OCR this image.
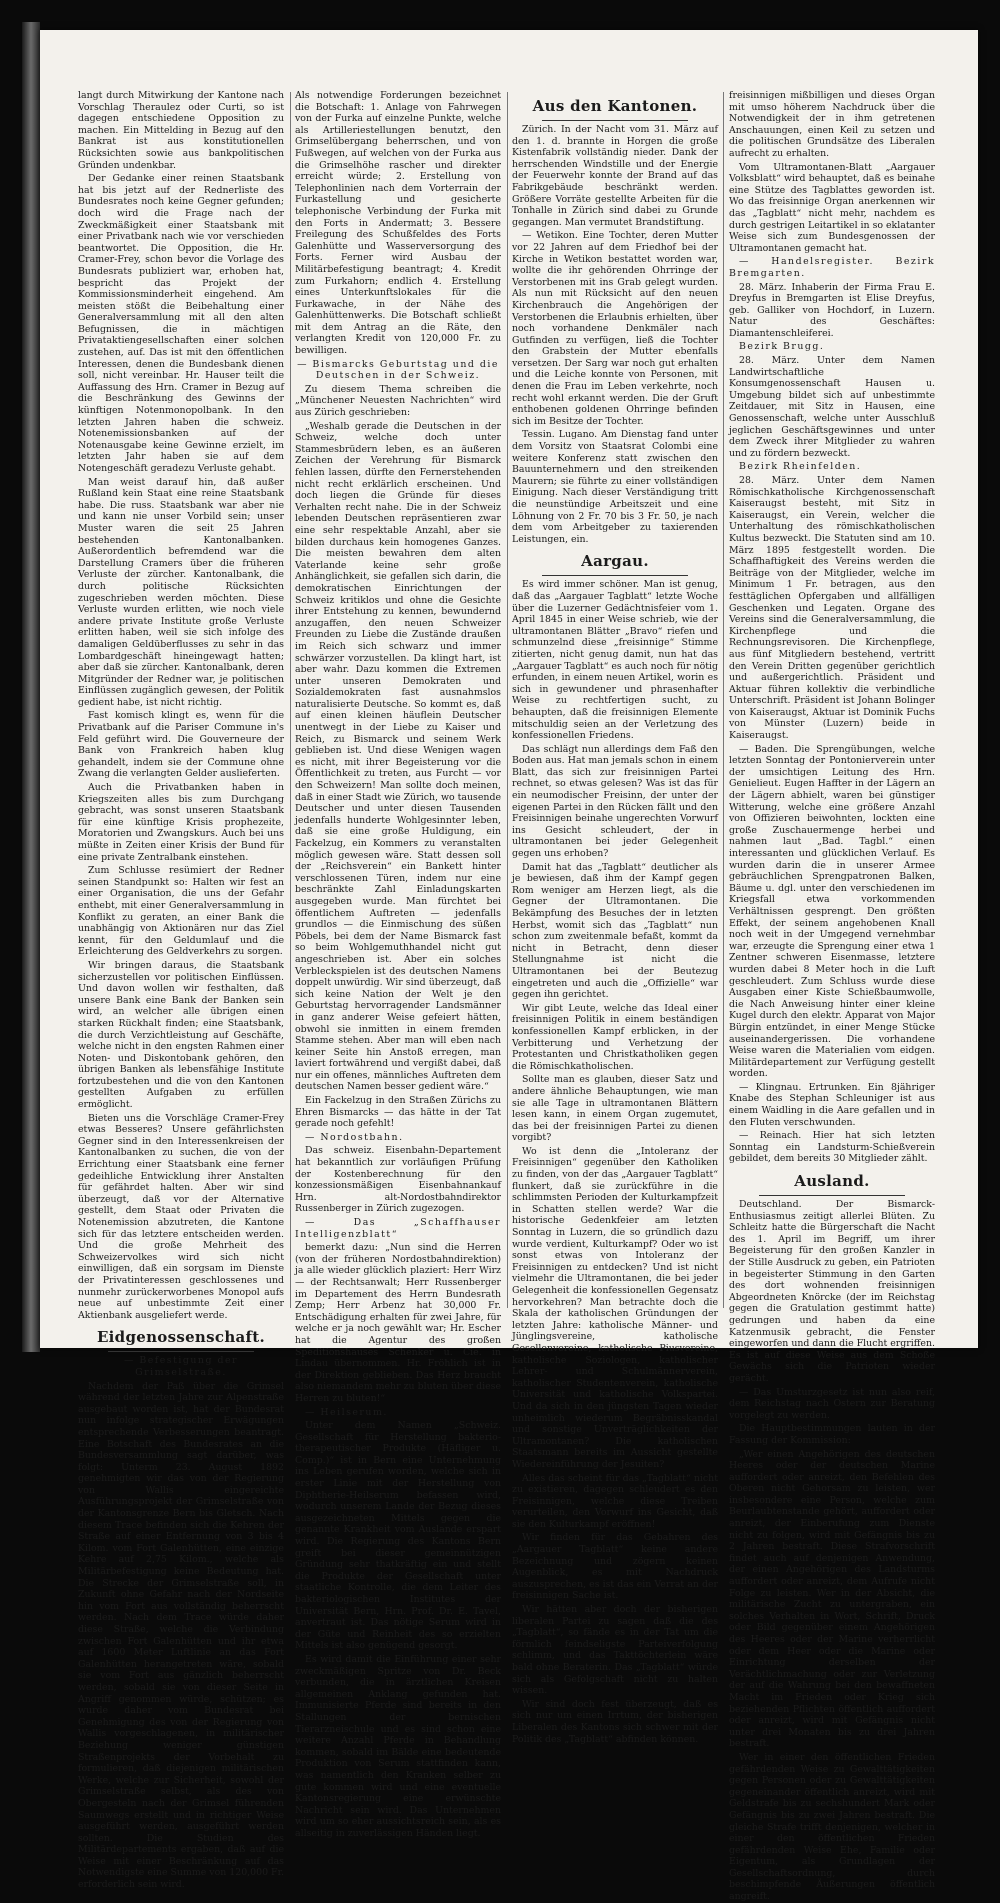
langt durch Mitwirkung der Kantone nach Vorschlag Theraulez oder Curti, so ist dagegen entschiedene Opposition zu machen. Ein Mittelding in Bezug auf den Bankrat ist aus konstitutionellen Rücksichten sowie aus bankpolitischen Gründen undenkbar.

Der Gedanke einer reinen Staatsbank hat bis jetzt auf der Rednerliste des Bundesrates noch keine Gegner gefunden; doch wird die Frage nach der Zweckmäßigkeit einer Staatsbank mit einer Privatbank nach wie vor verschieden beantwortet. Die Opposition, die Hr. Cramer-Frey, schon bevor die Vorlage des Bundesrats publiziert war, erhoben hat, bespricht das Projekt der Kommissionsminderheit eingehend. Am meisten stößt die Beibehaltung einer Generalversammlung mit all den alten Befugnissen, die in mächtigen Privataktiengesellschaften einer solchen zustehen, auf. Das ist mit den öffentlichen Interessen, denen die Bundesbank dienen soll, nicht vereinbar. Hr. Hauser teilt die Auffassung des Hrn. Cramer in Bezug auf die Beschränkung des Gewinns der künftigen Notenmonopolbank. In den letzten Jahren haben die schweiz. Notenemissionsbanken auf der Notenausgabe keine Gewinne erzielt, im letzten Jahr haben sie auf dem Notengeschäft geradezu Verluste gehabt.

Man weist darauf hin, daß außer Rußland kein Staat eine reine Staatsbank habe. Die russ. Staatsbank war aber nie und kann nie unser Vorbild sein; unser Muster waren die seit 25 Jahren bestehenden Kantonalbanken. Außerordentlich befremdend war die Darstellung Cramers über die früheren Verluste der zürcher. Kantonalbank, die durch politische Rücksichten zugeschrieben werden möchten. Diese Verluste wurden erlitten, wie noch viele andere private Institute große Verluste erlitten haben, weil sie sich infolge des damaligen Geldüberflusses zu sehr in das Lombardgeschäft hineingewagt hatten; aber daß sie zürcher. Kantonalbank, deren Mitgründer der Redner war, je politischen Einflüssen zugänglich gewesen, der Politik gedient habe, ist nicht richtig.

Fast komisch klingt es, wenn für die Privatbank auf die Pariser Commune in's Feld geführt wird. Die Gouverneure der Bank von Frankreich haben klug gehandelt, indem sie der Commune ohne Zwang die verlangten Gelder auslieferten.

Auch die Privatbanken haben in Kriegszeiten alles bis zum Durchgang gebracht, was sonst unseren Staatsbank für eine künftige Krisis prophezeite, Moratorien und Zwangskurs. Auch bei uns müßte in Zeiten einer Krisis der Bund für eine private Zentralbank einstehen.

Zum Schlusse resümiert der Redner seinen Standpunkt so: Halten wir fest an einer Organisation, die uns der Gefahr enthebt, mit einer Generalversammlung in Konflikt zu geraten, an einer Bank die unabhängig von Aktionären nur das Ziel kennt, für den Geldumlauf und die Erleichterung des Geldverkehrs zu sorgen.

Wir bringen daraus, die Staatsbank sicherzustellen vor politischen Einflüssen. Und davon wollen wir festhalten, daß unsere Bank eine Bank der Banken sein wird, an welcher alle übrigen einen starken Rückhalt finden; eine Staatsbank, die durch Verzichtleistung auf Geschäfte, welche nicht in den engsten Rahmen einer Noten- und Diskontobank gehören, den übrigen Banken als lebensfähige Institute fortzubestehen und die von den Kantonen gestellten Aufgaben zu erfüllen ermöglicht.

Bieten uns die Vorschläge Cramer-Frey etwas Besseres? Unsere gefährlichsten Gegner sind in den Interessenkreisen der Kantonalbanken zu suchen, die von der Errichtung einer Staatsbank eine ferner gedeihliche Entwicklung ihrer Anstalten für gefährdet halten. Aber wir sind überzeugt, daß vor der Alternative gestellt, dem Staat oder Privaten die Notenemission abzutreten, die Kantone sich für das letztere entscheiden werden. Und die große Mehrheit des Schweizervolkes wird sich nicht einwilligen, daß ein sorgsam im Dienste der Privatinteressen geschlossenes und nunmehr zurückerworbenes Monopol aufs neue auf unbestimmte Zeit einer Aktienbank ausgeliefert werde.

Eidgenossenschaft.

— Befestigung der Grimselstraße.

Nachdem der Paß über die Grimsel während der letzten Jahre zur Alpenstraße ausgebaut worden ist, hat der Bundesrat nun infolge strategischer Erwägungen entsprechende Verbesserungen beantragt. Eine Botschaft des Bundesrates an die Bundesversammlung sagt darüber, was folgt: Unterm 23. August 1892 genehmigten wir das von der Regierung von Wallis eingereichte Ausführungsprojekt der Grimselstraße von der Kantonsgrenze Bern bis Gletsch. Nach diesem Trace befinden sich die Kehren der Straße auf einer Entfernung von 3 bis 4 Kilom. vom Fort Galenhütten, eine einzige Kehre auf 2,75 Kilom., welche als Militärbefestigung keine Bedeutung hat. Die Strecke der Grimselstraße soll, in Zukunft ohne Gefahr nach der Nordseite hin vom Fort aus vollständig beherrscht werden. Nach dem Trace würde daher diese Straße, welche die Verbindung zwischen Fort Galenhütten und ihr etwa auf 1600 Meter Luftlinie an das Fort Galenhütten herangetreten wäre, sobald sie vom Fort aus gänzlich beherrscht werden, sobald sie von dieser Seite in Angriff genommen würde, schützen; es wurde daher vom Bundesrat bei Genehmigung des von der Regierung von Wallis vorgeschlagenen, in militärischer Beziehung weniger günstigen Straßenprojekts der Vorbehalt zu formulieren, daß diejenigen militärischen Werke, welche zur Sicherheit, sowohl der Grimselstraße selbst, als des von Obergesteln nach der Grimsel führenden Saumwegs erstellt und in richtiger Weise ausgeführt werden, ausgeführt werden sollten. Die Studien des Militärdepartements ergaben, daß auf die Weise mit einer Beschränkung auf das Notwendigste eine Summe von 120,000 Fr. erforderlich sein wird.

Als notwendige Forderungen bezeichnet die Botschaft: 1. Anlage von Fahrwegen von der Furka auf einzelne Punkte, welche als Artilleriestellungen benutzt, den Grimselübergang beherrschen, und von Fußwegen, auf welchen von der Furka aus die Grimselhöhe rascher und direkter erreicht würde; 2. Erstellung von Telephonlinien nach dem Vorterrain der Furkastellung und gesicherte telephonische Verbindung der Furka mit den Forts in Andermatt; 3. Bessere Freilegung des Schußfeldes des Forts Galenhütte und Wasserversorgung des Forts. Ferner wird Ausbau der Militärbefestigung beantragt; 4. Kredit zum Furkahorn; endlich 4. Erstellung eines Unterkunftslokales für die Furkawache, in der Nähe des Galenhüttenwerks. Die Botschaft schließt mit dem Antrag an die Räte, den verlangten Kredit von 120,000 Fr. zu bewilligen.

— Bismarcks Geburtstag und die Deutschen in der Schweiz.

Zu diesem Thema schreiben die „Münchener Neuesten Nachrichten“ wird aus Zürich geschrieben:

„Weshalb gerade die Deutschen in der Schweiz, welche doch unter Stammesbrüdern leben, es an äußeren Zeichen der Verehrung für Bismarck fehlen lassen, dürfte den Fernerstehenden nicht recht erklärlich erscheinen. Und doch liegen die Gründe für dieses Verhalten recht nahe. Die in der Schweiz lebenden Deutschen repräsentieren zwar eine sehr respektable Anzahl, aber sie bilden durchaus kein homogenes Ganzes. Die meisten bewahren dem alten Vaterlande keine sehr große Anhänglichkeit, sie gefallen sich darin, die demokratischen Einrichtungen der Schweiz kritiklos und ohne die Gesichte ihrer Entstehung zu kennen, bewundernd anzugaffen, den neuen Schweizer Freunden zu Liebe die Zustände draußen im Reich sich schwarz und immer schwärzer vorzustellen. Da klingt hart, ist aber wahr. Dazu kommen die Extremen unter unseren Demokraten und Sozialdemokraten fast ausnahmslos naturalisierte Deutsche. So kommt es, daß auf einen kleinen häuflein Deutscher unentwegt in der Liebe zu Kaiser und Reich, zu Bismarck und seinem Werk geblieben ist. Und diese Wenigen wagen es nicht, mit ihrer Begeisterung vor die Öffentlichkeit zu treten, aus Furcht — vor den Schweizern! Man sollte doch meinen, daß in einer Stadt wie Zürich, wo tausende Deutscher und unter diesen Tausenden jedenfalls hunderte Wohlgesinnter leben, daß sie eine große Huldigung, ein Fackelzug, ein Kommers zu veranstalten möglich gewesen wäre. Statt dessen soll der „Reichsverein“ ein Bankett hinter verschlossenen Türen, indem nur eine beschränkte Zahl Einladungskarten ausgegeben wurde. Man fürchtet bei öffentlichem Auftreten — jedenfalls grundlos — die Einmischung des süßen Pöbels, bei dem der Name Bismarck fast so beim Wohlgemuthhandel nicht gut angeschrieben ist. Aber ein solches Verbleckspielen ist des deutschen Namens doppelt unwürdig. Wir sind überzeugt, daß sich keine Nation der Welt je den Geburtstag hervorragender Landsmänner in ganz anderer Weise gefeiert hätten, obwohl sie inmitten in einem fremden Stamme stehen. Aber man will eben nach keiner Seite hin Anstoß erregen, man laviert fortwährend und vergißt dabei, daß nur ein offenes, männliches Auftreten dem deutschen Namen besser gedient wäre.“

Ein Fackelzug in den Straßen Zürichs zu Ehren Bismarcks — das hätte in der Tat gerade noch gefehlt!

— Nordostbahn.

Das schweiz. Eisenbahn-Departement hat bekanntlich zur vorläufigen Prüfung der Kostenberechnung für den konzessionsmäßigen Eisenbahnankauf Hrn. alt-Nordostbahndirektor Russenberger in Zürich zugezogen.

— Das „Schaffhauser Intelligenzblatt“

bemerkt dazu: „Nun sind die Herren (von der früheren Nordostbahndirektion) ja alle wieder glücklich plaziert: Herr Wirz — der Rechtsanwalt; Herr Russenberger im Departement des Herrn Bundesrath Zemp; Herr Arbenz hat 30,000 Fr. Entschädigung erhalten für zwei Jahre, für welche er ja noch gewählt war; Hr. Escher hat die Agentur des großen Speditionshauses Schenker u. Cie. in Lindau übernommen. Hr. Fröhlich ist in der Direktion geblieben. Das Herz braucht also niemandem mehr zu bluten über diese Herren zu bluten!“

— Heilserum.

Unter dem Namen „Schweiz. Gesellschaft für Herstellung bakterio-therapeutischer Produkte (Häfliger u. Comp.)“ ist in Bern eine Unternehmung ins Leben gerufen worden, welche sich in erster Linie mit der Herstellung von Diphtherie-Heilserum befassen wird, wodurch unserem Lande der Bezug dieses ausgezeichneten Mittels gegen die genannte Krankheit vom Auslande erspart wird. Die Regierung des Kantons Bern greift bei dieser gemeinnützigen Gründung sehr thatkräftig ein und stellt die Produkte der Gesellschaft unter staatliche Kontrolle, die dem Leiter des bakteriologischen Institutes der Universität Bern, Hrn. Prof. Dr. E. Tavel, anvertraut ist. Das nötige Serum wird in der Güte und Reinheit des so erzielten Mittels ist also genügend gesorgt.

Es wird damit die Einführung einer sehr zweckmäßigen Spritze von Dr. Beck verbunden, die in ärztlichen Kreisen allgemeinen Anklang gefunden hat. Immunisierte Pferde sind bereits in den Stallungen der bernischen Tierarzneischule und es sind schon eine weitere Anzahl Pferde in Behandlung kommen, sobald im Bälde eine bedeutende Produktion von Serum stattfinden kann, was namentlich den Kranken selber zu gute kommen wird und eine eventuelle Kantonsregierung eine erwünschte Nachricht sein wird. Das Unternehmen wird um so eher aussichtsreich sein, als es allseitig in zuverlässigen Händen liegt.

Aus den Kantonen.

Zürich. In der Nacht vom 31. März auf den 1. d. brannte in Horgen die große Kistenfabrik vollständig nieder. Dank der herrschenden Windstille und der Energie der Feuerwehr konnte der Brand auf das Fabrikgebäude beschränkt werden. Größere Vorräte gestellte Arbeiten für die Tonhalle in Zürich sind dabei zu Grunde gegangen. Man vermutet Brandstiftung.

— Wetikon. Eine Tochter, deren Mutter vor 22 Jahren auf dem Friedhof bei der Kirche in Wetikon bestattet worden war, wollte die ihr gehörenden Ohrringe der Verstorbenen mit ins Grab gelegt wurden. Als nun mit Rücksicht auf den neuen Kirchenbrauch die Angehörigen der Verstorbenen die Erlaubnis erhielten, über noch vorhandene Denkmäler nach Gutfinden zu verfügen, ließ die Tochter den Grabstein der Mutter ebenfalls versetzen. Der Sarg war noch gut erhalten und die Leiche konnte von Personen, mit denen die Frau im Leben verkehrte, noch recht wohl erkannt werden. Die der Gruft enthobenen goldenen Ohrringe befinden sich im Besitze der Tochter.

Tessin. Lugano. Am Dienstag fand unter dem Vorsitz von Staatsrat Colombi eine weitere Konferenz statt zwischen den Bauunternehmern und den streikenden Maurern; sie führte zu einer vollständigen Einigung. Nach dieser Verständigung tritt die neunstündige Arbeitszeit und eine Löhnung von 2 Fr. 70 bis 3 Fr. 50, je nach dem vom Arbeitgeber zu taxierenden Leistungen, ein.

Aargau.

Es wird immer schöner. Man ist genug, daß das „Aargauer Tagblatt“ letzte Woche über die Luzerner Gedächtnisfeier vom 1. April 1845 in einer Weise schrieb, wie der ultramontanen Blätter „Bravo“ riefen und schmunzelnd diese „freisinnige“ Stimme zitierten, nicht genug damit, nun hat das „Aargauer Tagblatt“ es auch noch für nötig erfunden, in einem neuen Artikel, worin es sich in gewundener und phrasenhafter Weise zu rechtfertigen sucht, zu behaupten, daß die freisinnigen Elemente mitschuldig seien an der Verletzung des konfessionellen Friedens.

Das schlägt nun allerdings dem Faß den Boden aus. Hat man jemals schon in einem Blatt, das sich zur freisinnigen Partei rechnet, so etwas gelesen? Was ist das für ein neumodischer Freisinn, der unter der eigenen Partei in den Rücken fällt und den Freisinnigen beinahe ungerechten Vorwurf ins Gesicht schleudert, der in ultramontanen bei jeder Gelegenheit gegen uns erhoben?

Damit hat das „Tagblatt“ deutlicher als je bewiesen, daß ihm der Kampf gegen Rom weniger am Herzen liegt, als die Gegner der Ultramontanen. Die Bekämpfung des Besuches der in letzten Herbst, womit sich das „Tagblatt“ nun schon zum zweitenmale befaßt, kommt da nicht in Betracht, denn dieser Stellungnahme ist nicht die Ultramontanen bei der Beutezug eingetreten und auch die „Offizielle“ war gegen ihn gerichtet.

Wir gibt Leute, welche das Ideal einer freisinnigen Politik in einem beständigen konfessionellen Kampf erblicken, in der Verbitterung und Verhetzung der Protestanten und Christkatholiken gegen die Römischkatholischen.

Sollte man es glauben, dieser Satz und andere ähnliche Behauptungen, wie man sie alle Tage in ultramontanen Blättern lesen kann, in einem Organ zugemutet, das bei der freisinnigen Partei zu dienen vorgibt?

Wo ist denn die „Intoleranz der Freisinnigen“ gegenüber den Katholiken zu finden, von der das „Aargauer Tagblatt“ flunkert, daß sie zurückführe in die schlimmsten Perioden der Kulturkampfzeit in Schatten stellen werde? War die historische Gedenkfeier am letzten Sonntag in Luzern, die so gründlich dazu wurde verdient, Kulturkampf? Oder wo ist sonst etwas von Intoleranz der Freisinnigen zu entdecken? Und ist nicht vielmehr die Ultramontanen, die bei jeder Gelegenheit die konfessionellen Gegensatz hervorkehren? Man betrachte doch die Skala der katholischen Gründungen der letzten Jahre: katholische Männer- und Jünglingsvereine, katholische Gesellenvereine, katholische Piusvereine, katholische Soziologen, katholischer Lehrer- und Schulmännerverein, katholischer Studentenverein, katholische Universität und katholische Volkspartei. Und da sich in den jüngsten Tagen wieder unheimlich wiederum Begräbnisskandal und sonstige Unverträglichkeiten der Ultramontanen? Die katholischen Staatsmann bereits im Aussicht gestellte Wiedereinführung der Jesuiten?

Alles das scheint für das „Tagblatt“ nicht zu existieren, dagegen schleudert es den Freisinnigen, welche diese Treiben verurteilen, den Vorwurf ins Gesicht, daß sie den Kulturkampf eröffnen!

Wir finden für das Gebahren des „Aargauer Tagblatt“ keine andere Bezeichnung und zögern keinen Augenblick, es mit Nachdruck auszusprechen, es ist das ein Verrat an der freisinnigen Sache ist.

Wir hätten aber doch der bisherigen liberalen Partei zu sagen daß die des „Tagblatt“, so fände es in der Tat um die förmlich feindseligste Parteiverfolgung schlimm, und das Takttöchterlein wäre bald ohne Beraterin. Das „Tagblatt“ würde sich als Gefolgschaft nicht zu halten wissen.

Wir sind doch fest überzeugt, daß es sich nur um einen Irrtum, der bisherigen Liberalen des Kantons sich schwer mit der Politik des „Tagblatt“ abfinden können.

freisinnigen mißbilligen und dieses Organ mit umso höherem Nachdruck über die Notwendigkeit der in ihm getretenen Anschauungen, einen Keil zu setzen und die politischen Grundsätze des Liberalen aufrecht zu erhalten.

Vom Ultramontanen-Blatt „Aargauer Volksblatt“ wird behauptet, daß es beinahe eine Stütze des Tagblattes geworden ist. Wo das freisinnige Organ anerkennen wir das „Tagblatt“ nicht mehr, nachdem es durch gestrigen Leitartikel in so eklatanter Weise sich zum Bundesgenossen der Ultramontanen gemacht hat.

— Handelsregister. Bezirk Bremgarten.

28. März. Inhaberin der Firma Frau E. Dreyfus in Bremgarten ist Elise Dreyfus, geb. Galliker von Hochdorf, in Luzern. Natur des Geschäftes: Diamantenschleiferei.

Bezirk Brugg.

28. März. Unter dem Namen Landwirtschaftliche Konsumgenossenschaft Hausen u. Umgebung bildet sich auf unbestimmte Zeitdauer, mit Sitz in Hausen, eine Genossenschaft, welche unter Ausschluß jeglichen Geschäftsgewinnes und unter dem Zweck ihrer Mitglieder zu wahren und zu fördern bezweckt.

Bezirk Rheinfelden.

28. März. Unter dem Namen Römischkatholische Kirchgenossenschaft Kaiseraugst besteht, mit Sitz in Kaiseraugst, ein Verein, welcher die Unterhaltung des römischkatholischen Kultus bezweckt. Die Statuten sind am 10. März 1895 festgestellt worden. Die Schaffhaftigkeit des Vereins werden die Beiträge von der Mitglieder, welche im Minimum 1 Fr. betragen, aus den festtäglichen Opfergaben und allfälligen Geschenken und Legaten. Organe des Vereins sind die Generalversammlung, die Kirchenpflege und die Rechnungsrevisoren. Die Kirchenpflege, aus fünf Mitgliedern bestehend, vertritt den Verein Dritten gegenüber gerichtlich und außergerichtlich. Präsident und Aktuar führen kollektiv die verbindliche Unterschrift. Präsident ist Johann Bolinger von Kaiseraugst, Aktuar ist Dominik Fuchs von Münster (Luzern) beide in Kaiseraugst.

— Baden. Die Sprengübungen, welche letzten Sonntag der Pontonierverein unter der umsichtigen Leitung des Hrn. Genielieut. Eugen Haffter in der Lägern an der Lägern abhielt, waren bei günstiger Witterung, welche eine größere Anzahl von Offizieren beiwohnten, lockten eine große Zuschauermenge herbei und nahmen laut „Bad. Tagbl.“ einen interessanten und glücklichen Verlauf. Es wurden darin die in unserer Armee gebräuchlichen Sprengpatronen Balken, Bäume u. dgl. unter den verschiedenen im Kriegsfall etwa vorkommenden Verhältnissen gesprengt. Den größten Effekt, der seinem angehobenen Knall noch weit in der Umgegend vernehmbar war, erzeugte die Sprengung einer etwa 1 Zentner schweren Eisenmasse, letztere wurden dabei 8 Meter hoch in die Luft geschleudert. Zum Schluss wurde diese Ausgaben einer Kiste Schießbaumwolle, die Nach Anweisung hinter einer kleine Kugel durch den elektr. Apparat von Major Bürgin entzündet, in einer Menge Stücke auseinandergerissen. Die vorhandene Weise waren die Materialien vom eidgen. Militärdepartement zur Verfügung gestellt worden.

— Klingnau. Ertrunken. Ein 8jähriger Knabe des Stephan Schleuniger ist aus einem Waidling in die Aare gefallen und in den Fluten verschwunden.

— Reinach. Hier hat sich letzten Sonntag ein Landsturm-Schießverein gebildet, dem bereits 30 Mitglieder zählt.

Ausland.

Deutschland. Der Bismarck-Enthusiasmus zeitigt allerlei Blüten. Zu Schleitz hatte die Bürgerschaft die Nacht des 1. April im Begriff, um ihrer Begeisterung für den großen Kanzler in der Stille Ausdruck zu geben, ein Patrioten in begeisterter Stimmung in den Garten des dort wohnenden freisinnigen Abgeordneten Knörcke (der im Reichstag gegen die Gratulation gestimmt hatte) gedrungen und haben da eine Katzenmusik gebracht, die Fenster eingeworfen und dann die Flucht ergriffen. Es ist auf diese Weise aus dem Schoße Gewächs sich die Patrioten wieder gerächt.

— Das Umsturzgesetz ist nun also reif, dem Reichstag nach Ostern zur Beratung vorgelegt zu werden.

Die Hauptbestimmungen lauten in der Fassung der Kommission:

„Wer einen Angehörigen des deutschen Heeres oder der deutschen Marine auffordert oder anreizt, den Befehlen des Oberen nicht Gehorsam zu leisten, wer insbesondere eine Person, welche zum Beurlaubtenstande gehört, auffordert oder anreizt, der Einberufung zum Dienste nicht zu folgen, wird mit Gefängnis bis zu 2 Jahren bestraft. Diese Strafvorschrift findet auch auf denjenigen Anwendung, der einen Angehörigen des Landsturms auffordert oder anreizt, dem Aufrufe nicht Folge zu leisten. Wer in der Absicht, die militärische Zucht zu untergraben, ein solches Verhalten in Wort, Schrift, Druck oder Bild gegenüber einem Angehörigen des Heeres oder der Marine verherrlicht oder dem Heer oder die Marine oder Einrichtung derselben der Verächtlichmachung oder zur Verletzung der auf die Wahrung bei den bewaffneten Macht im Frieden oder Krieg sich beziehenden Pflichten öffentlich auffordert oder anreizt, wird mit Gefängnis nicht unter drei Monaten bis zu drei Jahren bestraft.

Wer in einer den öffentlichen Frieden gefährdenden Weise zu Gewalttätigkeiten gegen Personen oder zu Gewalttätigkeiten gegeneinander öffentlich anreizt, wird mit Geldstrafe bis zu sechshundert Mark oder Gefängnis bis zu zwei Jahren bestraft. Die gleiche Strafe trifft denjenigen, welcher in einer den öffentlichen Frieden gefährdenden Weise Ehe, Familie oder Eigentum, als Grundlagen der Gesellschaftsordnung, durch beschimpfende Äußerungen öffentlich angreift.
